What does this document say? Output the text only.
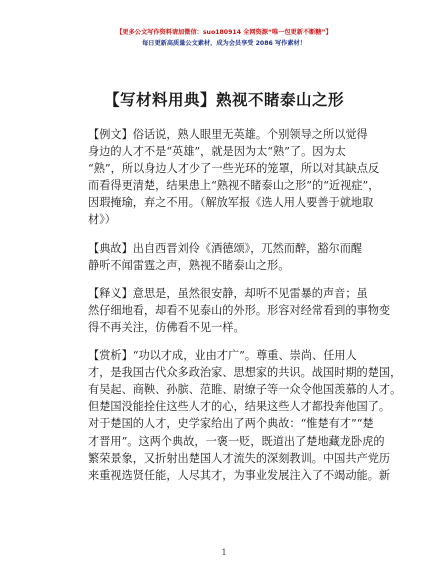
【更多公文写作资料请加微信：suo180914 全网资源“唯一包更新不断糖”】
每日更新高质量公文素材，成为会员享受 2086 写作素材！
【写材料用典】熟视不睹泰山之形
【例文】俗话说，熟人眼里无英雄。个别领导之所以觉得
身边的人才不是“英雄”，就是因为太“熟”了。因为太
“熟”，所以身边人才少了一些光环的笼罩，所以对其缺点反
而看得更清楚，结果患上“熟视不睹泰山之形”的“近视症”，
因瑕掩瑜，弃之不用。（解放军报《选人用人要善于就地取
材》）
【典故】出自西晋刘伶《酒德颂》，兀然而醉，豁尔而醒
静听不闻雷霆之声，熟视不睹泰山之形。
【释义】意思是，虽然很安静，却听不见雷暴的声音；虽
然仔细地看，却看不见泰山的外形。形容对经常看到的事物变
得不再关注，仿佛看不见一样。
【赏析】“功以才成，业由才广”。尊重、崇尚、任用人
才，是我国古代众多政治家、思想家的共识。战国时期的楚国，
有吴起、商鞅、孙膑、范睢、尉缭子等一众令他国羡慕的人才。
但楚国没能拴住这些人才的心，结果这些人才都投奔他国了。
对于楚国的人才，史学家给出了两个典故：“惟楚有才”“楚
才晋用”。这两个典故，一褒一贬，既道出了楚地藏龙卧虎的
繁荣景象，又折射出楚国人才流失的深刻教训。中国共产党历
来重视选贤任能，人尽其才，为事业发展注入了不竭动能。新
1
